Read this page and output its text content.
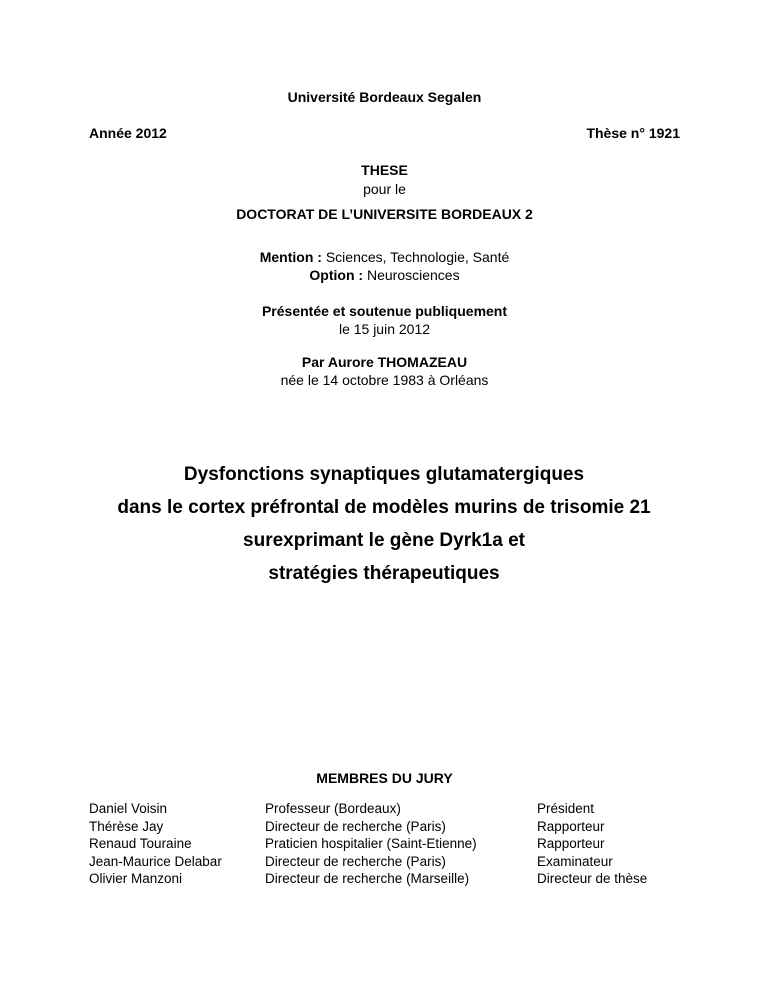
Université Bordeaux Segalen
Année 2012	Thèse n° 1921
THESE
pour le
DOCTORAT DE L’UNIVERSITE BORDEAUX 2
Mention : Sciences, Technologie, Santé
Option : Neurosciences
Présentée et soutenue publiquement
le 15 juin 2012
Par Aurore THOMAZEAU
née le 14 octobre 1983 à Orléans
Dysfonctions synaptiques glutamatergiques
dans le cortex préfrontal de modèles murins de trisomie 21
surexprimant le gène Dyrk1a et
stratégies thérapeutiques
MEMBRES DU JURY
Daniel Voisin	Professeur (Bordeaux)	Président
Thérèse Jay	Directeur de recherche (Paris)	Rapporteur
Renaud Touraine	Praticien hospitalier (Saint-Etienne)	Rapporteur
Jean-Maurice Delabar	Directeur de recherche (Paris)	Examinateur
Olivier Manzoni	Directeur de recherche (Marseille)	Directeur de thèse
